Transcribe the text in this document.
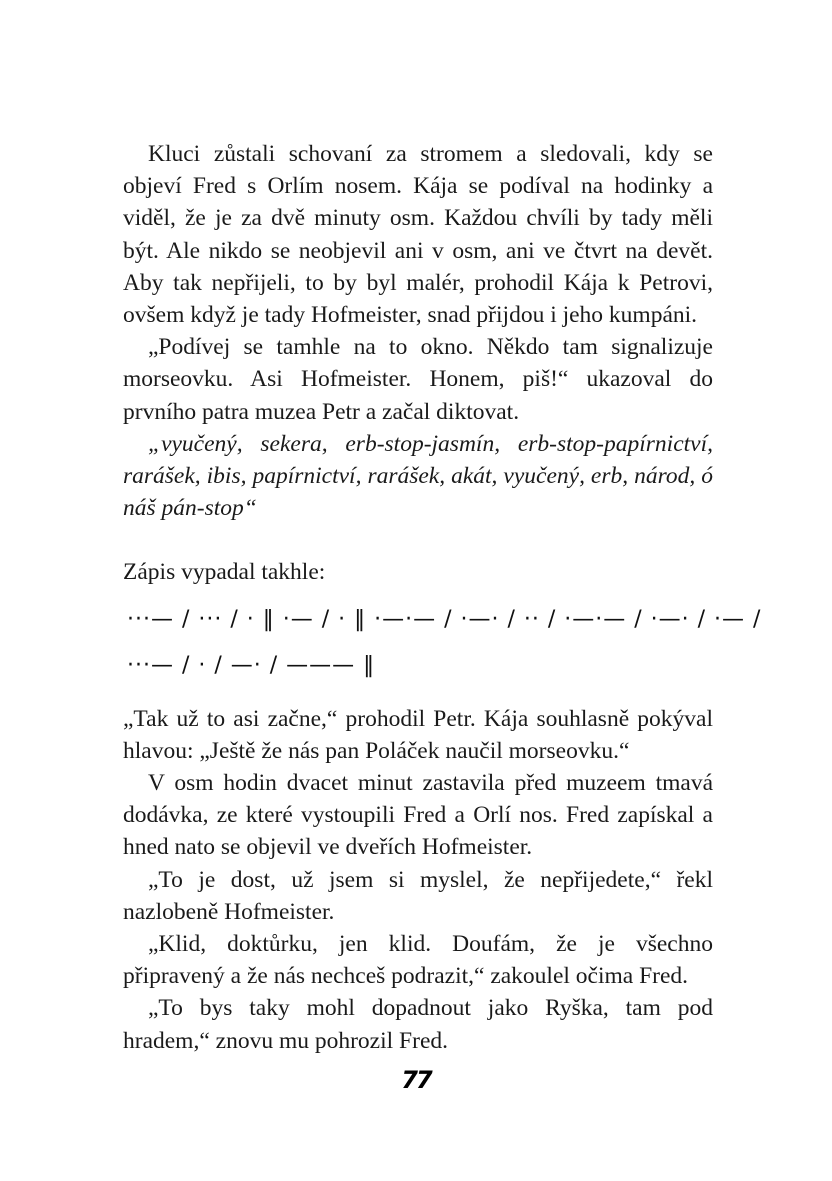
Kluci zůstali schovaní za stromem a sledovali, kdy se objeví Fred s Orlím nosem. Kája se podíval na hodinky a viděl, že je za dvě minuty osm. Každou chvíli by tady měli být. Ale nikdo se neobjevil ani v osm, ani ve čtvrt na devět. Aby tak nepřijeli, to by byl malér, prohodil Kája k Petrovi, ovšem když je tady Hofmeister, snad přijdou i jeho kumpáni.

„Podívej se tamhle na to okno. Někdo tam signalizuje morseovku. Asi Hofmeister. Honem, piš!“ ukazoval do prvního patra muzea Petr a začal diktovat.

„vyučený, sekera, erb-stop-jasmín, erb-stop-papírnictví, rarášek, ibis, papírnictví, rarášek, akát, vyučený, erb, národ, ó náš pán-stop“

Zápis vypadal takhle:

···— / ··· / · ‖ ·— / · ‖ ·—·— / ·—· / ·· / ·—·— / ·—· / ·— /
···— / · / —· / ——— ‖

„Tak už to asi začne,“ prohodil Petr. Kája souhlasně pokýval hlavou: „Ještě že nás pan Poláček naučil morseovku.“

V osm hodin dvacet minut zastavila před muzeem tmavá dodávka, ze které vystoupili Fred a Orlí nos. Fred zapískal a hned nato se objevil ve dveřích Hofmeister.

„To je dost, už jsem si myslel, že nepřijedete,“ řekl nazlobeně Hofmeister.

„Klid, doktůrku, jen klid. Doufám, že je všechno připravený a že nás nechceš podrazit,“ zakoulel očima Fred.

„To bys taky mohl dopadnout jako Ryška, tam pod hradem,“ znovu mu pohrozil Fred.

77
